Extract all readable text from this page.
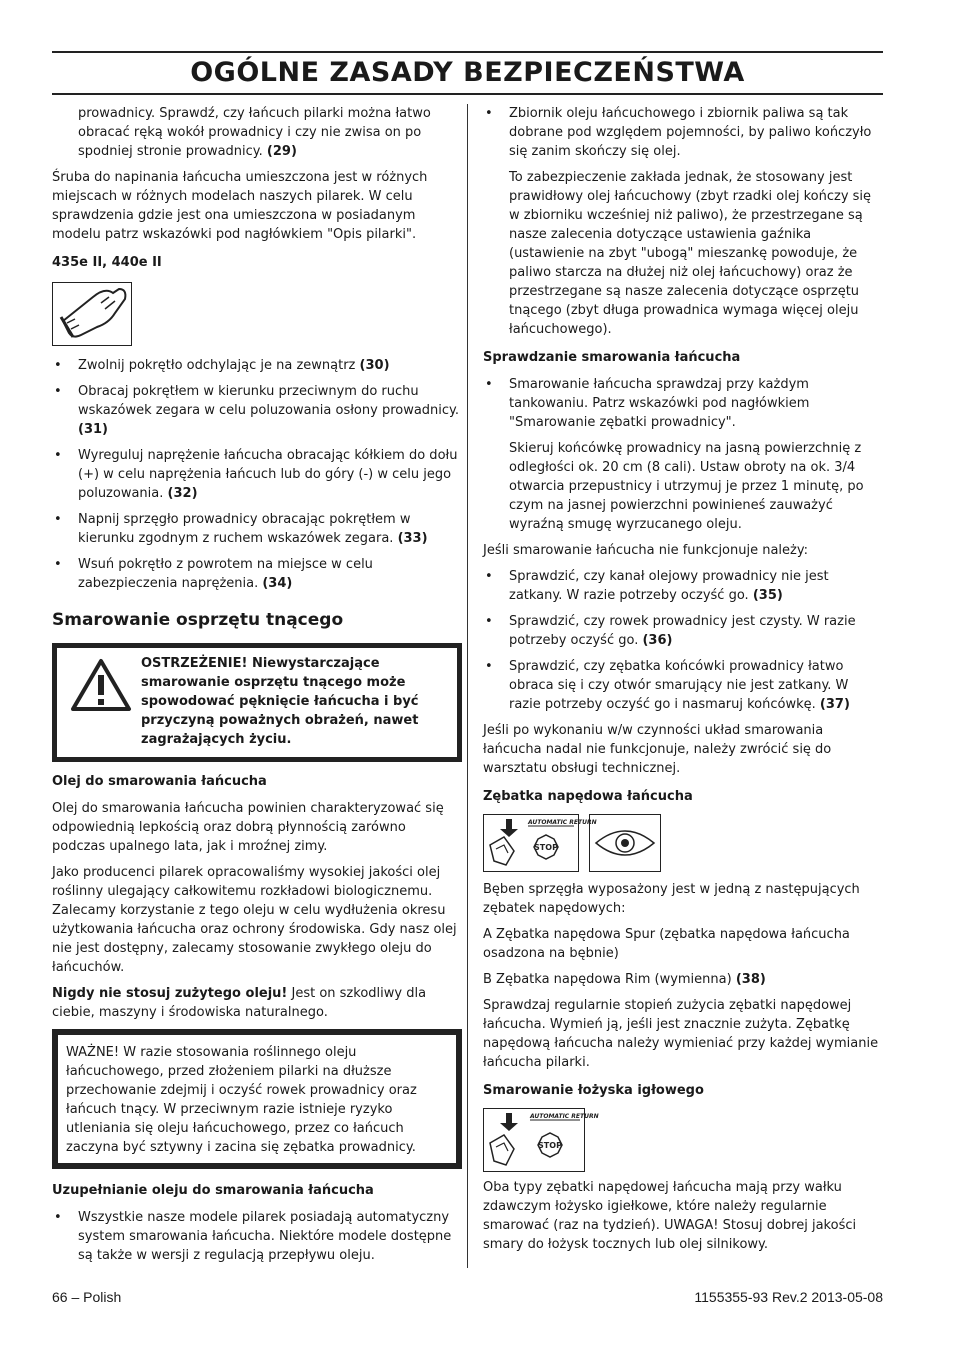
OGÓLNE ZASADY BEZPIECZEŃSTWA

prowadnicy. Sprawdź, czy łańcuch pilarki można łatwo obracać ręką wokół prowadnicy i czy nie zwisa on po spodniej stronie prowadnicy. (29)

Śruba do napinania łańcucha umieszczona jest w różnych miejscach w różnych modelach naszych pilarek. W celu sprawdzenia gdzie jest ona umieszczona w posiadanym modelu patrz wskazówki pod nagłówkiem "Opis pilarki".

435e II, 440e II
• Zwolnij pokrętło odchylając je na zewnątrz (30)
• Obracaj pokrętłem w kierunku przeciwnym do ruchu wskazówek zegara w celu poluzowania osłony prowadnicy. (31)
• Wyreguluj naprężenie łańcucha obracając kółkiem do dołu (+) w celu naprężenia łańcuch lub do góry (-) w celu jego poluzowania. (32)
• Napnij sprzęgło prowadnicy obracając pokrętłem w kierunku zgodnym z ruchem wskazówek zegara. (33)
• Wsuń pokrętło z powrotem na miejsce w celu zabezpieczenia naprężenia. (34)
Smarowanie osprzętu tnącego
OSTRZEŻENIE! Niewystarczające smarowanie osprzętu tnącego może spowodować pęknięcie łańcucha i być przyczyną poważnych obrażeń, nawet zagrażających życiu.
Olej do smarowania łańcucha

Olej do smarowania łańcucha powinien charakteryzować się odpowiednią lepkością oraz dobrą płynnością zarówno podczas upalnego lata, jak i mroźnej zimy.

Jako producenci pilarek opracowaliśmy wysokiej jakości olej roślinny ulegający całkowitemu rozkładowi biologicznemu. Zalecamy korzystanie z tego oleju w celu wydłużenia okresu użytkowania łańcucha oraz ochrony środowiska. Gdy nasz olej nie jest dostępny, zalecamy stosowanie zwykłego oleju do łańcuchów.

Nigdy nie stosuj zużytego oleju! Jest on szkodliwy dla ciebie, maszyny i środowiska naturalnego.

WAŻNE! W razie stosowania roślinnego oleju łańcuchowego, przed złożeniem pilarki na dłuższe przechowanie zdejmij i oczyść rowek prowadnicy oraz łańcuch tnący. W przeciwnym razie istnieje ryzyko utleniania się oleju łańcuchowego, przez co łańcuch zaczyna być sztywny i zacina się zębatka prowadnicy.
Uzupełnianie oleju do smarowania łańcucha
• Wszystkie nasze modele pilarek posiadają automatyczny system smarowania łańcucha. Niektóre modele dostępne są także w wersji z regulacją przepływu oleju.
• Zbiornik oleju łańcuchowego i zbiornik paliwa są tak dobrane pod względem pojemności, by paliwo kończyło się zanim skończy się olej.

To zabezpieczenie zakłada jednak, że stosowany jest prawidłowy olej łańcuchowy (zbyt rzadki olej kończy się w zbiorniku wcześniej niż paliwo), że przestrzegane są nasze zalecenia dotyczące ustawienia gaźnika (ustawienie na zbyt "ubogą" mieszankę powoduje, że paliwo starcza na dłużej niż olej łańcuchowy) oraz że przestrzegane są nasze zalecenia dotyczące osprzętu tnącego (zbyt długa prowadnica wymaga więcej oleju łańcuchowego).

Sprawdzanie smarowania łańcucha
• Smarowanie łańcucha sprawdzaj przy każdym tankowaniu. Patrz wskazówki pod nagłówkiem "Smarowanie zębatki prowadnicy".

Skieruj końcówkę prowadnicy na jasną powierzchnię z odległości ok. 20 cm (8 cali). Ustaw obroty na ok. 3/4 otwarcia przepustnicy i utrzymuj je przez 1 minutę, po czym na jasnej powierzchni powinieneś zauważyć wyraźną smugę wyrzucanego oleju.

Jeśli smarowanie łańcucha nie funkcjonuje należy:

• Sprawdzić, czy kanał olejowy prowadnicy nie jest zatkany. W razie potrzeby oczyść go. (35)
• Sprawdzić, czy rowek prowadnicy jest czysty. W razie potrzeby oczyść go. (36)
• Sprawdzić, czy zębatka końcówki prowadnicy łatwo obraca się i czy otwór smarujący nie jest zatkany. W razie potrzeby oczyść go i nasmaruj końcówkę. (37)

Jeśli po wykonaniu w/w czynności układ smarowania łańcucha nadal nie funkcjonuje, należy zwrócić się do warsztatu obsługi technicznej.

Zębatka napędowa łańcucha
AUTOMATIC RETURN
STOP

Bęben sprzęgła wyposażony jest w jedną z następujących zębatek napędowych:

A Zębatka napędowa Spur (zębatka napędowa łańcucha osadzona na bębnie)

B Zębatka napędowa Rim (wymienna) (38)

Sprawdzaj regularnie stopień zużycia zębatki napędowej łańcucha. Wymień ją, jeśli jest znacznie zużyta. Zębatkę napędową łańcucha należy wymieniać przy każdej wymianie łańcucha pilarki.

Smarowanie łożyska igłowego
AUTOMATIC RETURN
STOP

Oba typy zębatki napędowej łańcucha mają przy wałku zdawczym łożysko igiełkowe, które należy regularnie smarować (raz na tydzień). UWAGA! Stosuj dobrej jakości smary do łożysk tocznych lub olej silnikowy.

66 – Polish	1155355-93 Rev.2 2013-05-08
